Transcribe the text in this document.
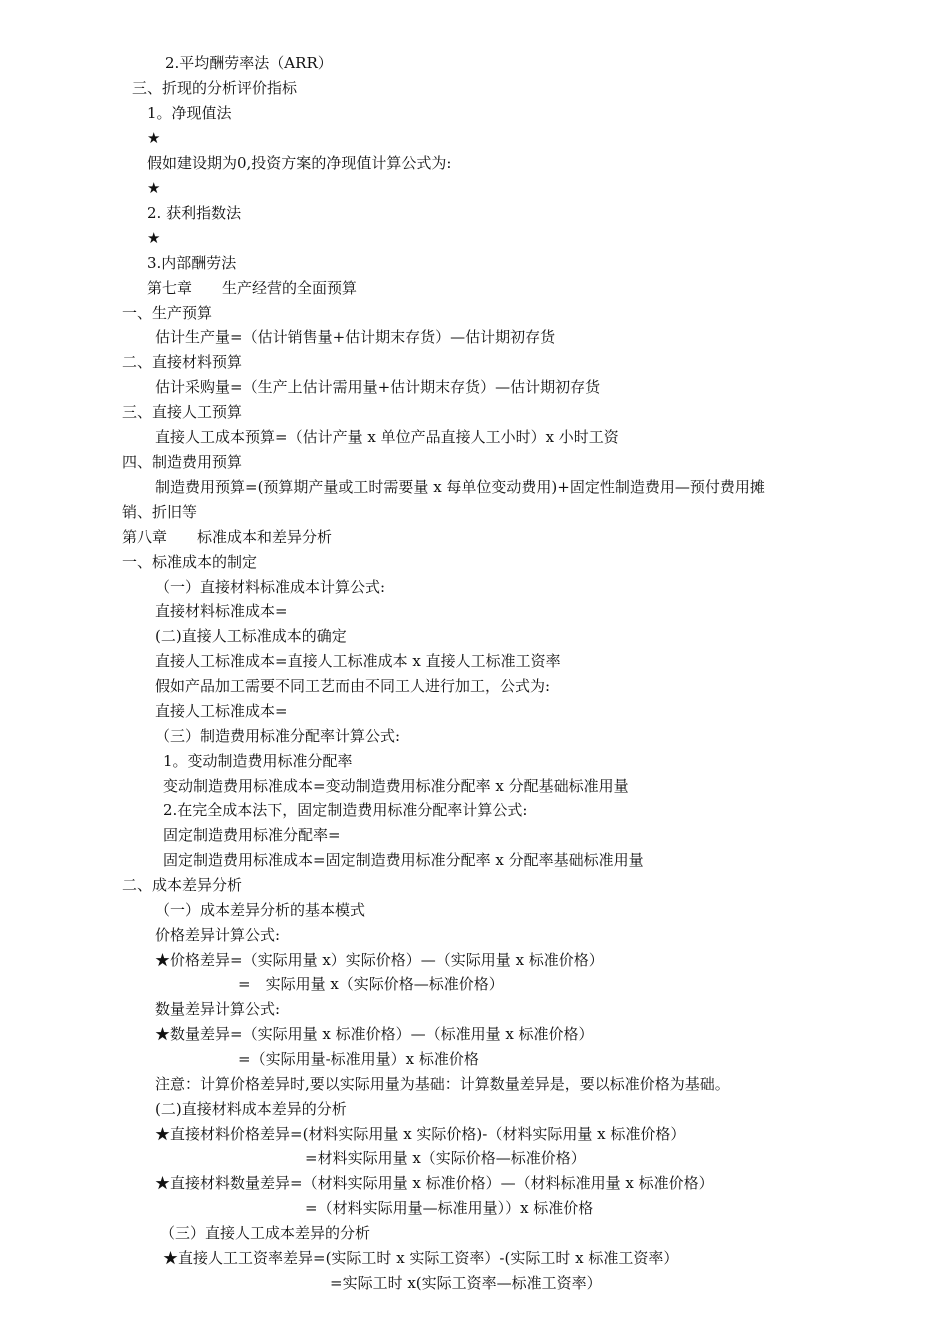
2.平均酬劳率法（ARR）
三、折现的分析评价指标
1。净现值法
★
假如建设期为0,投资方案的净现值计算公式为:
★
2. 获利指数法
★
3.内部酬劳法
第七章　　生产经营的全面预算
一、生产预算
估计生产量=（估计销售量+估计期末存货）—估计期初存货
二、直接材料预算
估计采购量=（生产上估计需用量+估计期末存货）—估计期初存货
三、直接人工预算
直接人工成本预算=（估计产量 x 单位产品直接人工小时）x 小时工资
四、制造费用预算
制造费用预算=(预算期产量或工时需要量 x 每单位变动费用)+固定性制造费用—预付费用摊
销、折旧等
第八章　　标准成本和差异分析
一、标准成本的制定
（一）直接材料标准成本计算公式:
直接材料标准成本=
(二)直接人工标准成本的确定
直接人工标准成本=直接人工标准成本 x 直接人工标准工资率
假如产品加工需要不同工艺而由不同工人进行加工，公式为:
直接人工标准成本=
（三）制造费用标准分配率计算公式:
1。变动制造费用标准分配率
变动制造费用标准成本=变动制造费用标准分配率 x 分配基础标准用量
2.在完全成本法下，固定制造费用标准分配率计算公式:
固定制造费用标准分配率=
固定制造费用标准成本=固定制造费用标准分配率 x 分配率基础标准用量
二、成本差异分析
（一）成本差异分析的基本模式
价格差异计算公式:
★价格差异=（实际用量 x）实际价格）—（实际用量 x 标准价格）
=　实际用量 x（实际价格—标准价格）
数量差异计算公式:
★数量差异=（实际用量 x 标准价格）—（标准用量 x 标准价格）
=（实际用量-标准用量）x 标准价格
注意：计算价格差异时,要以实际用量为基础：计算数量差异是，要以标准价格为基础。
(二)直接材料成本差异的分析
★直接材料价格差异=(材料实际用量 x 实际价格)-（材料实际用量 x 标准价格）
=材料实际用量 x（实际价格—标准价格）
★直接材料数量差异=（材料实际用量 x 标准价格）—（材料标准用量 x 标准价格）
=（材料实际用量—标准用量））x 标准价格
（三）直接人工成本差异的分析
★直接人工工资率差异=(实际工时 x 实际工资率）-(实际工时 x 标准工资率）
=实际工时 x(实际工资率—标准工资率）
